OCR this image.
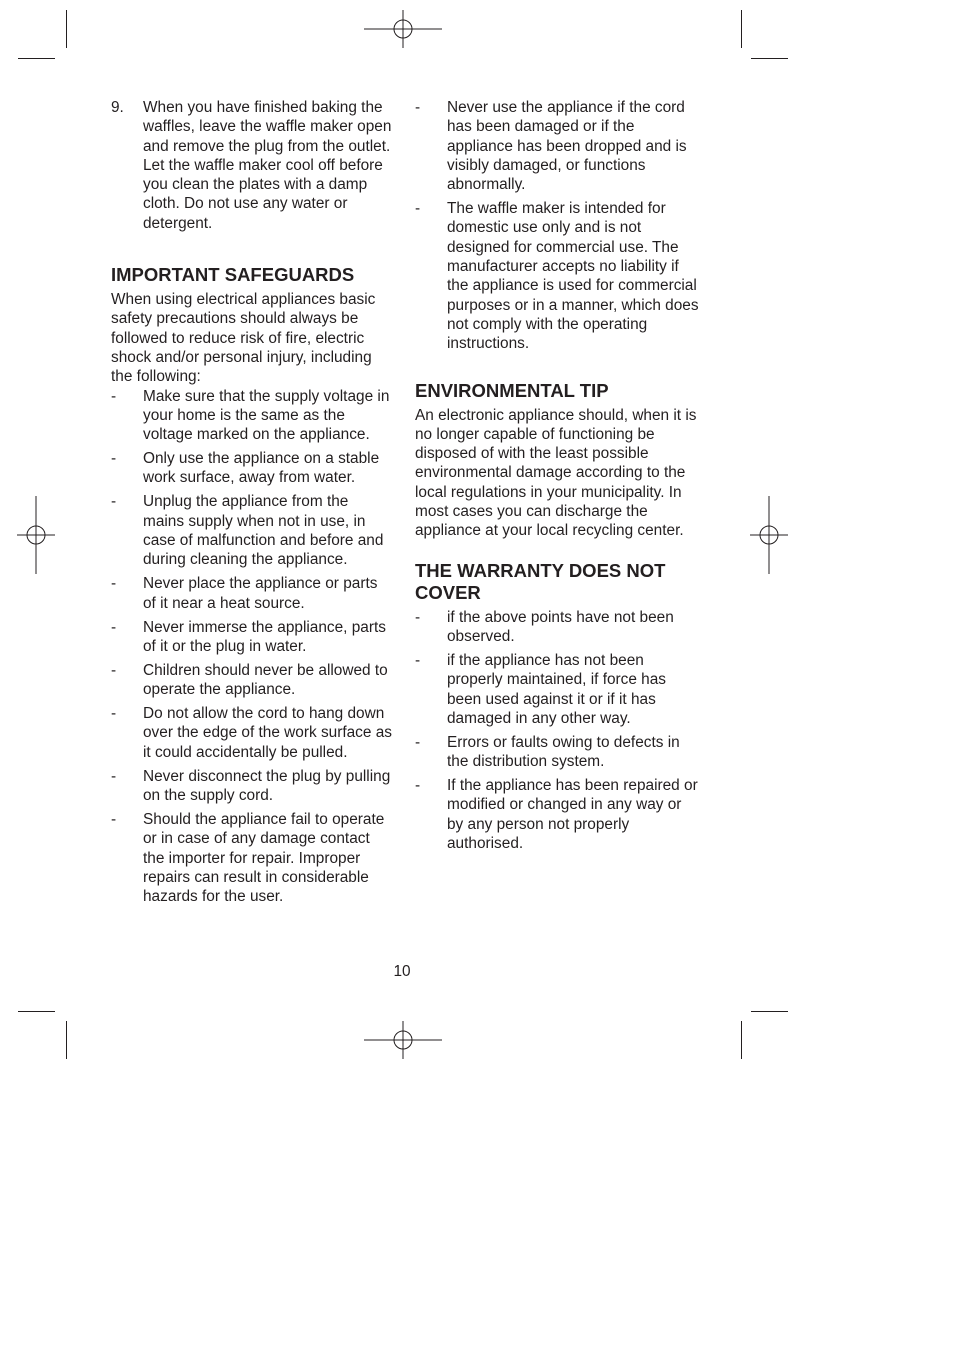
9.	When you have finished baking the waffles, leave the waffle maker open and remove the plug from the outlet. Let the waffle maker cool off before you clean the plates with a damp cloth. Do not use any water or detergent.
IMPORTANT SAFEGUARDS

When using electrical appliances basic safety precautions should always be followed to reduce risk of fire, electric shock and/or personal injury, including the following:

-	Make sure that the supply voltage in your home is the same as the voltage marked on the appliance.
-	Only use the appliance on a stable work surface, away from water.
-	Unplug the appliance from the mains supply when not in use, in case of malfunction and before and during cleaning the appliance.
-	Never place the appliance or parts of it near a heat source.
-	Never immerse the appliance, parts of it or the plug in water.
-	Children should never be allowed to operate the appliance.
-	Do not allow the cord to hang down over the edge of the work surface as it could accidentally be pulled.
-	Never disconnect the plug by pulling on the supply cord.
-	Should the appliance fail to operate or in case of any damage contact the importer for repair. Improper repairs can result in considerable hazards for the user.
-	Never use the appliance if the cord has been damaged or if the appliance has been dropped and is visibly damaged, or functions abnormally.
-	The waffle maker is intended for domestic use only and is not designed for commercial use. The manufacturer accepts no liability if the appliance is used for commercial purposes or in a manner, which does not comply with the operating instructions.
ENVIRONMENTAL TIP

An electronic appliance should, when it is no longer capable of functioning be disposed of with the least possible environmental damage according to the local regulations in your municipality. In most cases you can discharge the appliance at your local recycling center.

THE WARRANTY DOES NOT COVER
-	if the above points have not been observed.
-	if the appliance has not been properly maintained, if force has been used against it or if it has damaged in any other way.
-	Errors or faults owing to defects in the distribution system.
-	If the appliance has been repaired or modified or changed in any way or by any person not properly authorised.
10
